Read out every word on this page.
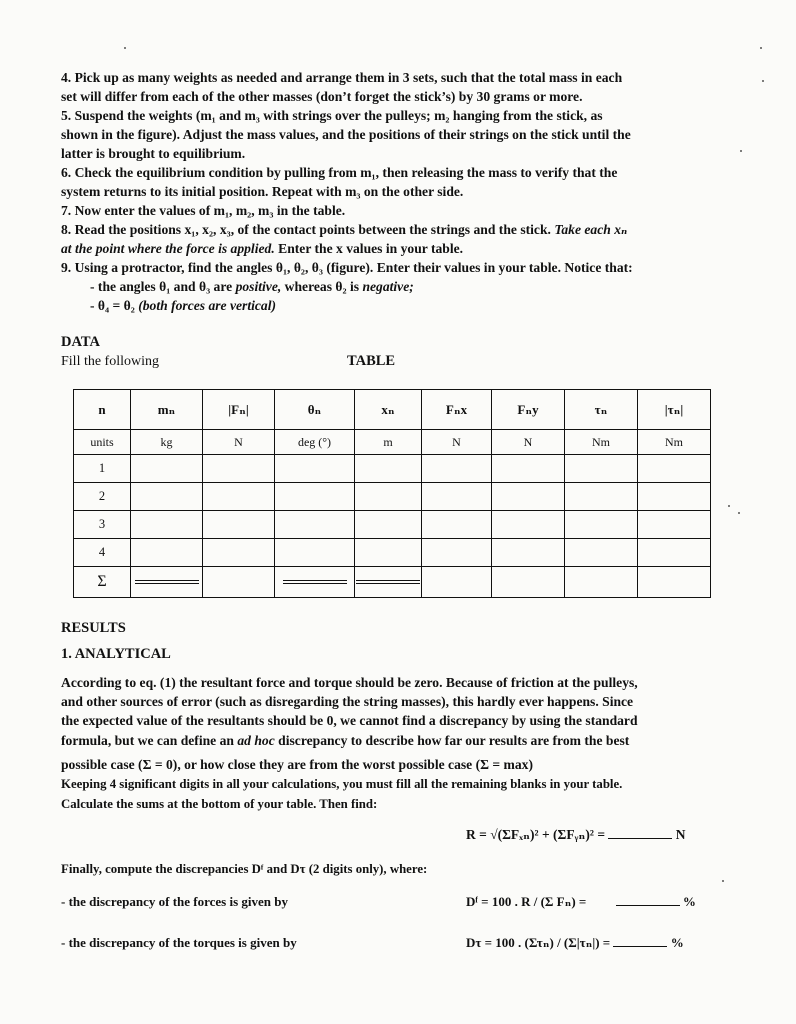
4. Pick up as many weights as needed and arrange them in 3 sets, such that the total mass in each
set will differ from each of the other masses (don’t forget the stick’s) by 30 grams or more.
5. Suspend the weights (m₁ and m₃ with strings over the pulleys; m₂ hanging from the stick, as
shown in the figure). Adjust the mass values, and the positions of their strings on the stick until the
latter is brought to equilibrium.
6. Check the equilibrium condition by pulling from m₁, then releasing the mass to verify that the
system returns to its initial position. Repeat with m₃ on the other side.
7. Now enter the values of m₁, m₂, m₃ in the table.
8. Read the positions x₁, x₂, x₃, of the contact points between the strings and the stick. Take each xₙ
at the point where the force is applied. Enter the x values in your table.
9. Using a protractor, find the angles θ₁, θ₂, θ₃ (figure). Enter their values in your table. Notice that:
- the angles θ₁ and θ₃ are positive, whereas θ₂ is negative;
- θ₄ = θ₂ (both forces are vertical)
DATA
Fill the following	TABLE
n	mₙ	|Fₙ|	θₙ	xₙ	Fₙx	Fₙy	τₙ	|τₙ|
units	kg	N	deg (°)	m	N	N	Nm	Nm
1								
2								
3								
4								
Σ	

RESULTS
1. ANALYTICAL
According to eq. (1) the resultant force and torque should be zero. Because of friction at the pulleys,
and other sources of error (such as disregarding the string masses), this hardly ever happens. Since
the expected value of the resultants should be 0, we cannot find a discrepancy by using the standard
formula, but we can define an ad hoc discrepancy to describe how far our results are from the best
possible case (Σ = 0), or how close they are from the worst possible case (Σ = max)
Keeping 4 significant digits in all your calculations, you must fill all the remaining blanks in your table.
Calculate the sums at the bottom of your table. Then find:
R = √(ΣFₓₙ)² + (ΣFᵧₙ)² =	N
Finally, compute the discrepancies Dᶠ and Dτ (2 digits only), where:
- the discrepancy of the forces is given by	Dᶠ = 100 . R / (Σ Fₙ) =	%
- the discrepancy of the torques is given by	Dτ = 100 . (Στₙ) / (Σ|τₙ|) =	%
